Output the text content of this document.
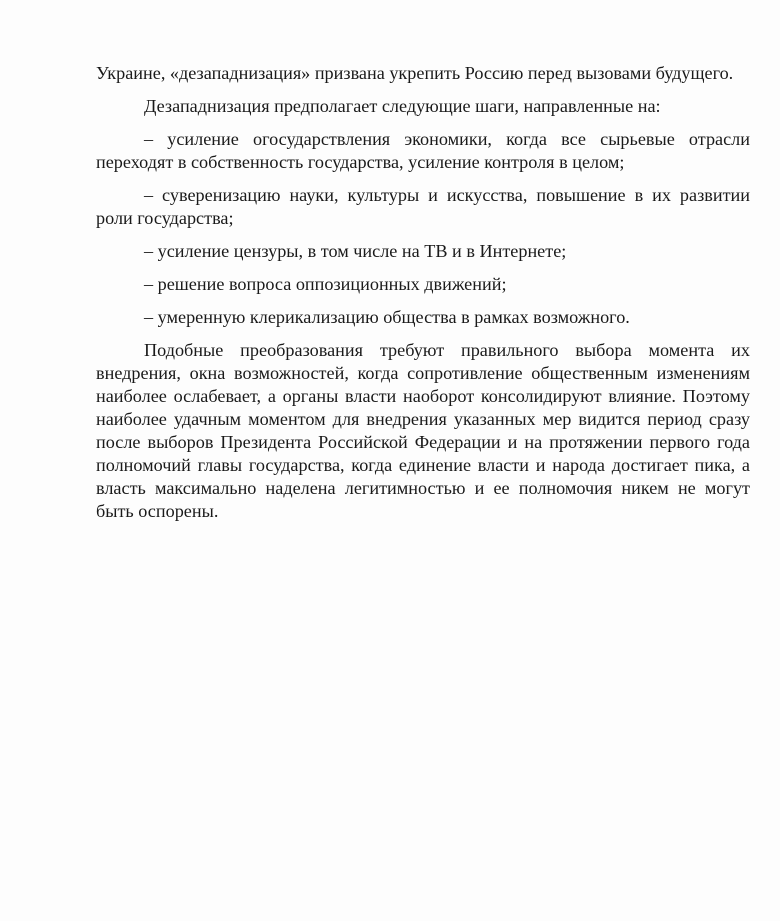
Украине, «дезападнизация» призвана укрепить Россию перед вызовами будущего.

Дезападнизация предполагает следующие шаги, направленные на:

– усиление огосударствления экономики, когда все сырьевые отрасли переходят в собственность государства, усиление контроля в целом;

– суверенизацию науки, культуры и искусства, повышение в их развитии роли государства;

– усиление цензуры, в том числе на ТВ и в Интернете;

– решение вопроса оппозиционных движений;

– умеренную клерикализацию общества в рамках возможного.

Подобные преобразования требуют правильного выбора момента их внедрения, окна возможностей, когда сопротивление общественным изменениям наиболее ослабевает, а органы власти наоборот консолидируют влияние. Поэтому наиболее удачным моментом для внедрения указанных мер видится период сразу после выборов Президента Российской Федерации и на протяжении первого года полномочий главы государства, когда единение власти и народа достигает пика, а власть максимально наделена легитимностью и ее полномочия никем не могут быть оспорены.
